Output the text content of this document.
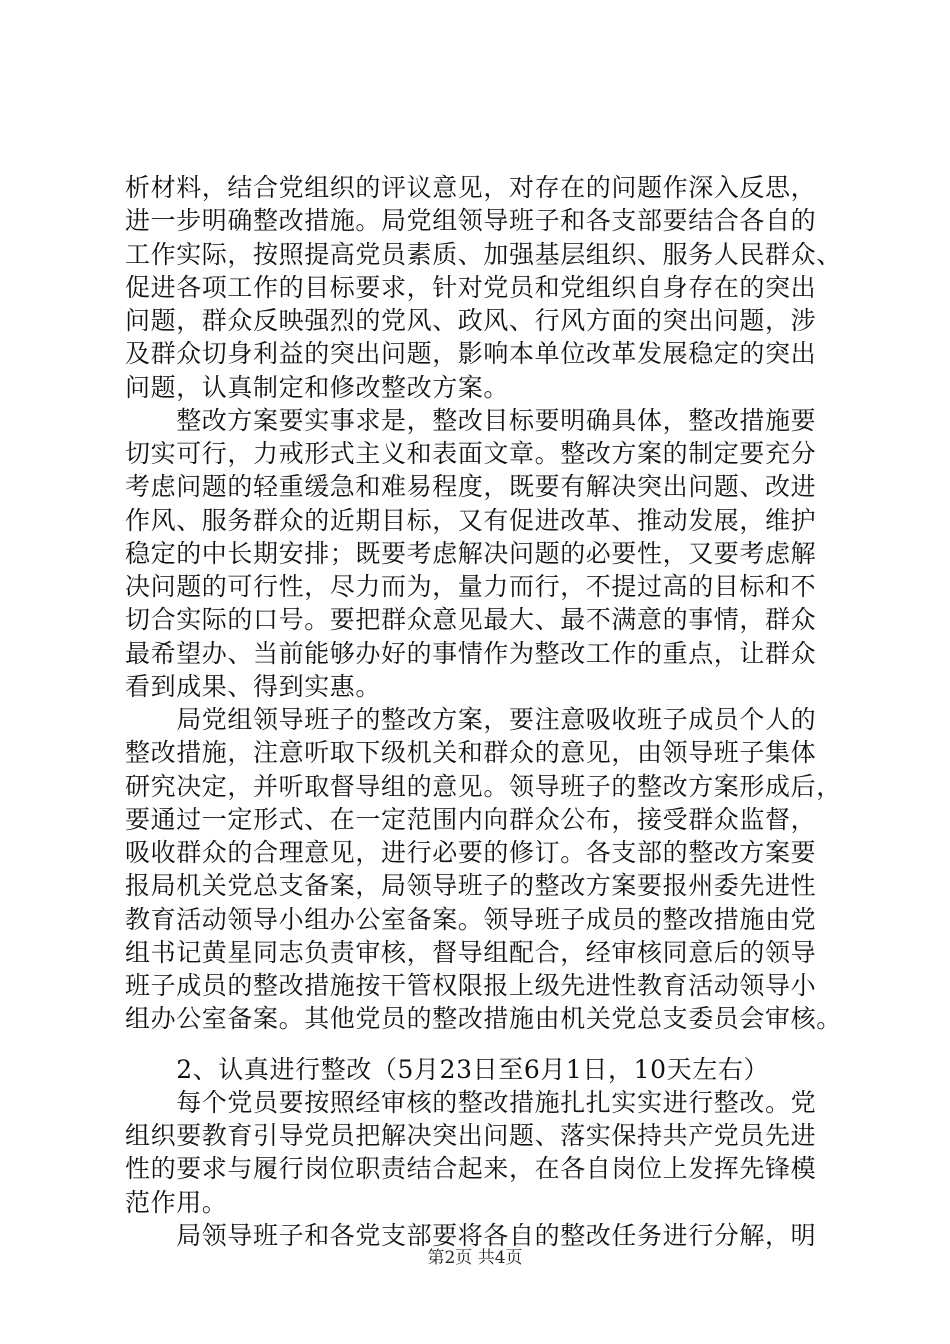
析材料，结合党组织的评议意见，对存在的问题作深入反思，
进一步明确整改措施。局党组领导班子和各支部要结合各自的
工作实际，按照提高党员素质、加强基层组织、服务人民群众、
促进各项工作的目标要求，针对党员和党组织自身存在的突出
问题，群众反映强烈的党风、政风、行风方面的突出问题，涉
及群众切身利益的突出问题，影响本单位改革发展稳定的突出
问题，认真制定和修改整改方案。
　　整改方案要实事求是，整改目标要明确具体，整改措施要
切实可行，力戒形式主义和表面文章。整改方案的制定要充分
考虑问题的轻重缓急和难易程度，既要有解决突出问题、改进
作风、服务群众的近期目标，又有促进改革、推动发展，维护
稳定的中长期安排；既要考虑解决问题的必要性，又要考虑解
决问题的可行性，尽力而为，量力而行，不提过高的目标和不
切合实际的口号。要把群众意见最大、最不满意的事情，群众
最希望办、当前能够办好的事情作为整改工作的重点，让群众
看到成果、得到实惠。
　　局党组领导班子的整改方案，要注意吸收班子成员个人的
整改措施，注意听取下级机关和群众的意见，由领导班子集体
研究决定，并听取督导组的意见。领导班子的整改方案形成后，
要通过一定形式、在一定范围内向群众公布，接受群众监督，
吸收群众的合理意见，进行必要的修订。各支部的整改方案要
报局机关党总支备案，局领导班子的整改方案要报州委先进性
教育活动领导小组办公室备案。领导班子成员的整改措施由党
组书记黄星同志负责审核，督导组配合，经审核同意后的领导
班子成员的整改措施按干管权限报上级先进性教育活动领导小
组办公室备案。其他党员的整改措施由机关党总支委员会审核。
　　2、认真进行整改（5月23日至6月1日，10天左右）
　　每个党员要按照经审核的整改措施扎扎实实进行整改。党
组织要教育引导党员把解决突出问题、落实保持共产党员先进
性的要求与履行岗位职责结合起来，在各自岗位上发挥先锋模
范作用。
　　局领导班子和各党支部要将各自的整改任务进行分解，明
第2页 共4页
